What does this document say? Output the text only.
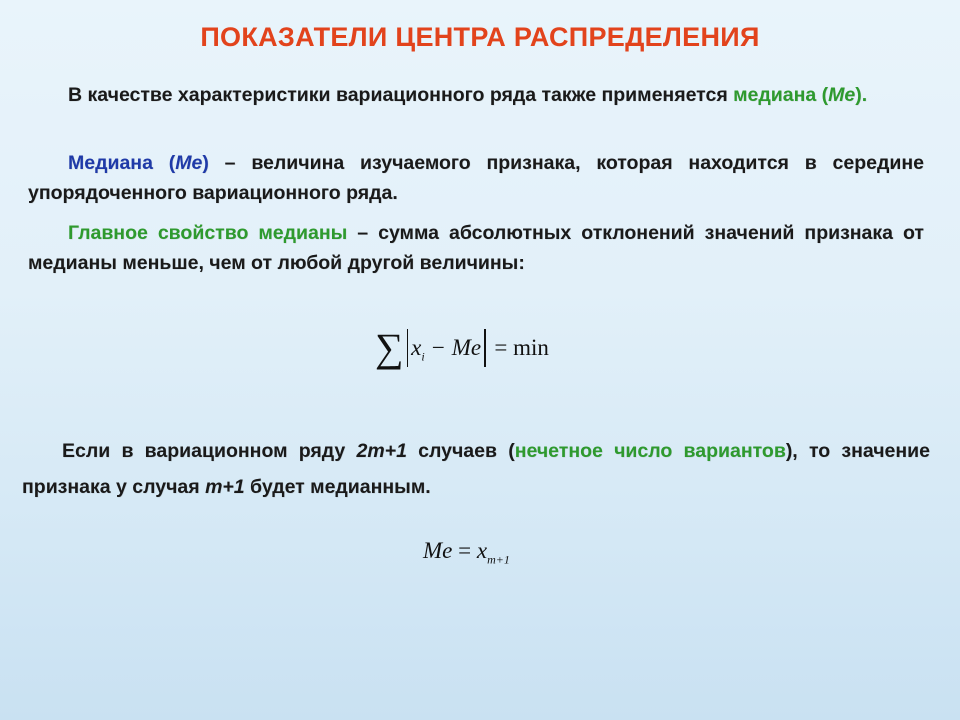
ПОКАЗАТЕЛИ ЦЕНТРА РАСПРЕДЕЛЕНИЯ
В качестве характеристики вариационного ряда также применяется медиана (Me).
Медиана (Me) – величина изучаемого признака, которая находится в середине упорядоченного вариационного ряда.
Главное свойство медианы – сумма абсолютных отклонений значений признака от медианы меньше, чем от любой другой величины:
∑ $x_i - Me = \min$
Если в вариационном ряду 2m+1 случаев (нечетное число вариантов), то значение признака у случая m+1 будет медианным.
$Me = x_{m+1}$
